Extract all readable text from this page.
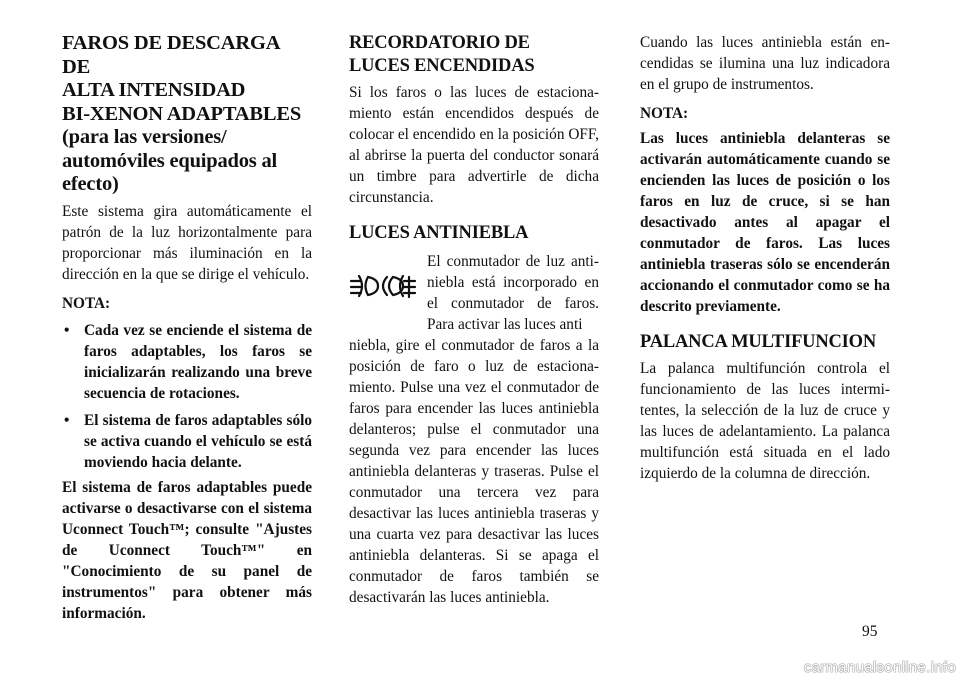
FAROS DE DESCARGA DE
ALTA INTENSIDAD
BI-XENON ADAPTABLES
(para las versiones/
automóviles equipados al
efecto)

Este sistema gira automáticamente el patrón de la luz horizontalmente para proporcionar más iluminación en la dirección en la que se dirige el vehículo.

NOTA:

• Cada vez se enciende el sistema de faros adaptables, los faros se inicializarán realizando una breve secuencia de rotaciones.
• El sistema de faros adaptables sólo se activa cuando el vehículo se está moviendo hacia delante.

El sistema de faros adaptables puede activarse o desactivarse con el sistema Uconnect Touch™; consulte "Ajustes de Uconnect Touch™" en "Conocimiento de su panel de instrumentos" para obtener más información.

RECORDATORIO DE
LUCES ENCENDIDAS

Si los faros o las luces de estacionamiento están encendidos después de colocar el encendido en la posición OFF, al abrirse la puerta del conductor sonará un timbre para advertirle de dicha circunstancia.

LUCES ANTINIEBLA

El conmutador de luz antiniebla está incorporado en el conmutador de faros. Para activar las luces anti

niebla, gire el conmutador de faros a la posición de faro o luz de estacionamiento. Pulse una vez el conmutador de faros para encender las luces antiniebla delanteros; pulse el conmutador una segunda vez para encender las luces antiniebla delanteras y traseras. Pulse el conmutador una tercera vez para desactivar las luces antiniebla traseras y una cuarta vez para desactivar las luces antiniebla delanteras. Si se apaga el conmutador de faros también se desactivarán las luces antiniebla.

Cuando las luces antiniebla están encendidas se ilumina una luz indicadora en el grupo de instrumentos.

NOTA:

Las luces antiniebla delanteras se activarán automáticamente cuando se encienden las luces de posición o los faros en luz de cruce, si se han desactivado antes al apagar el conmutador de faros. Las luces antiniebla traseras sólo se encenderán accionando el conmutador como se ha descrito previamente.

PALANCA MULTIFUNCION

La palanca multifunción controla el funcionamiento de las luces intermitentes, la selección de la luz de cruce y las luces de adelantamiento. La palanca multifunción está situada en el lado izquierdo de la columna de dirección.

95
carmanualsonline.info
